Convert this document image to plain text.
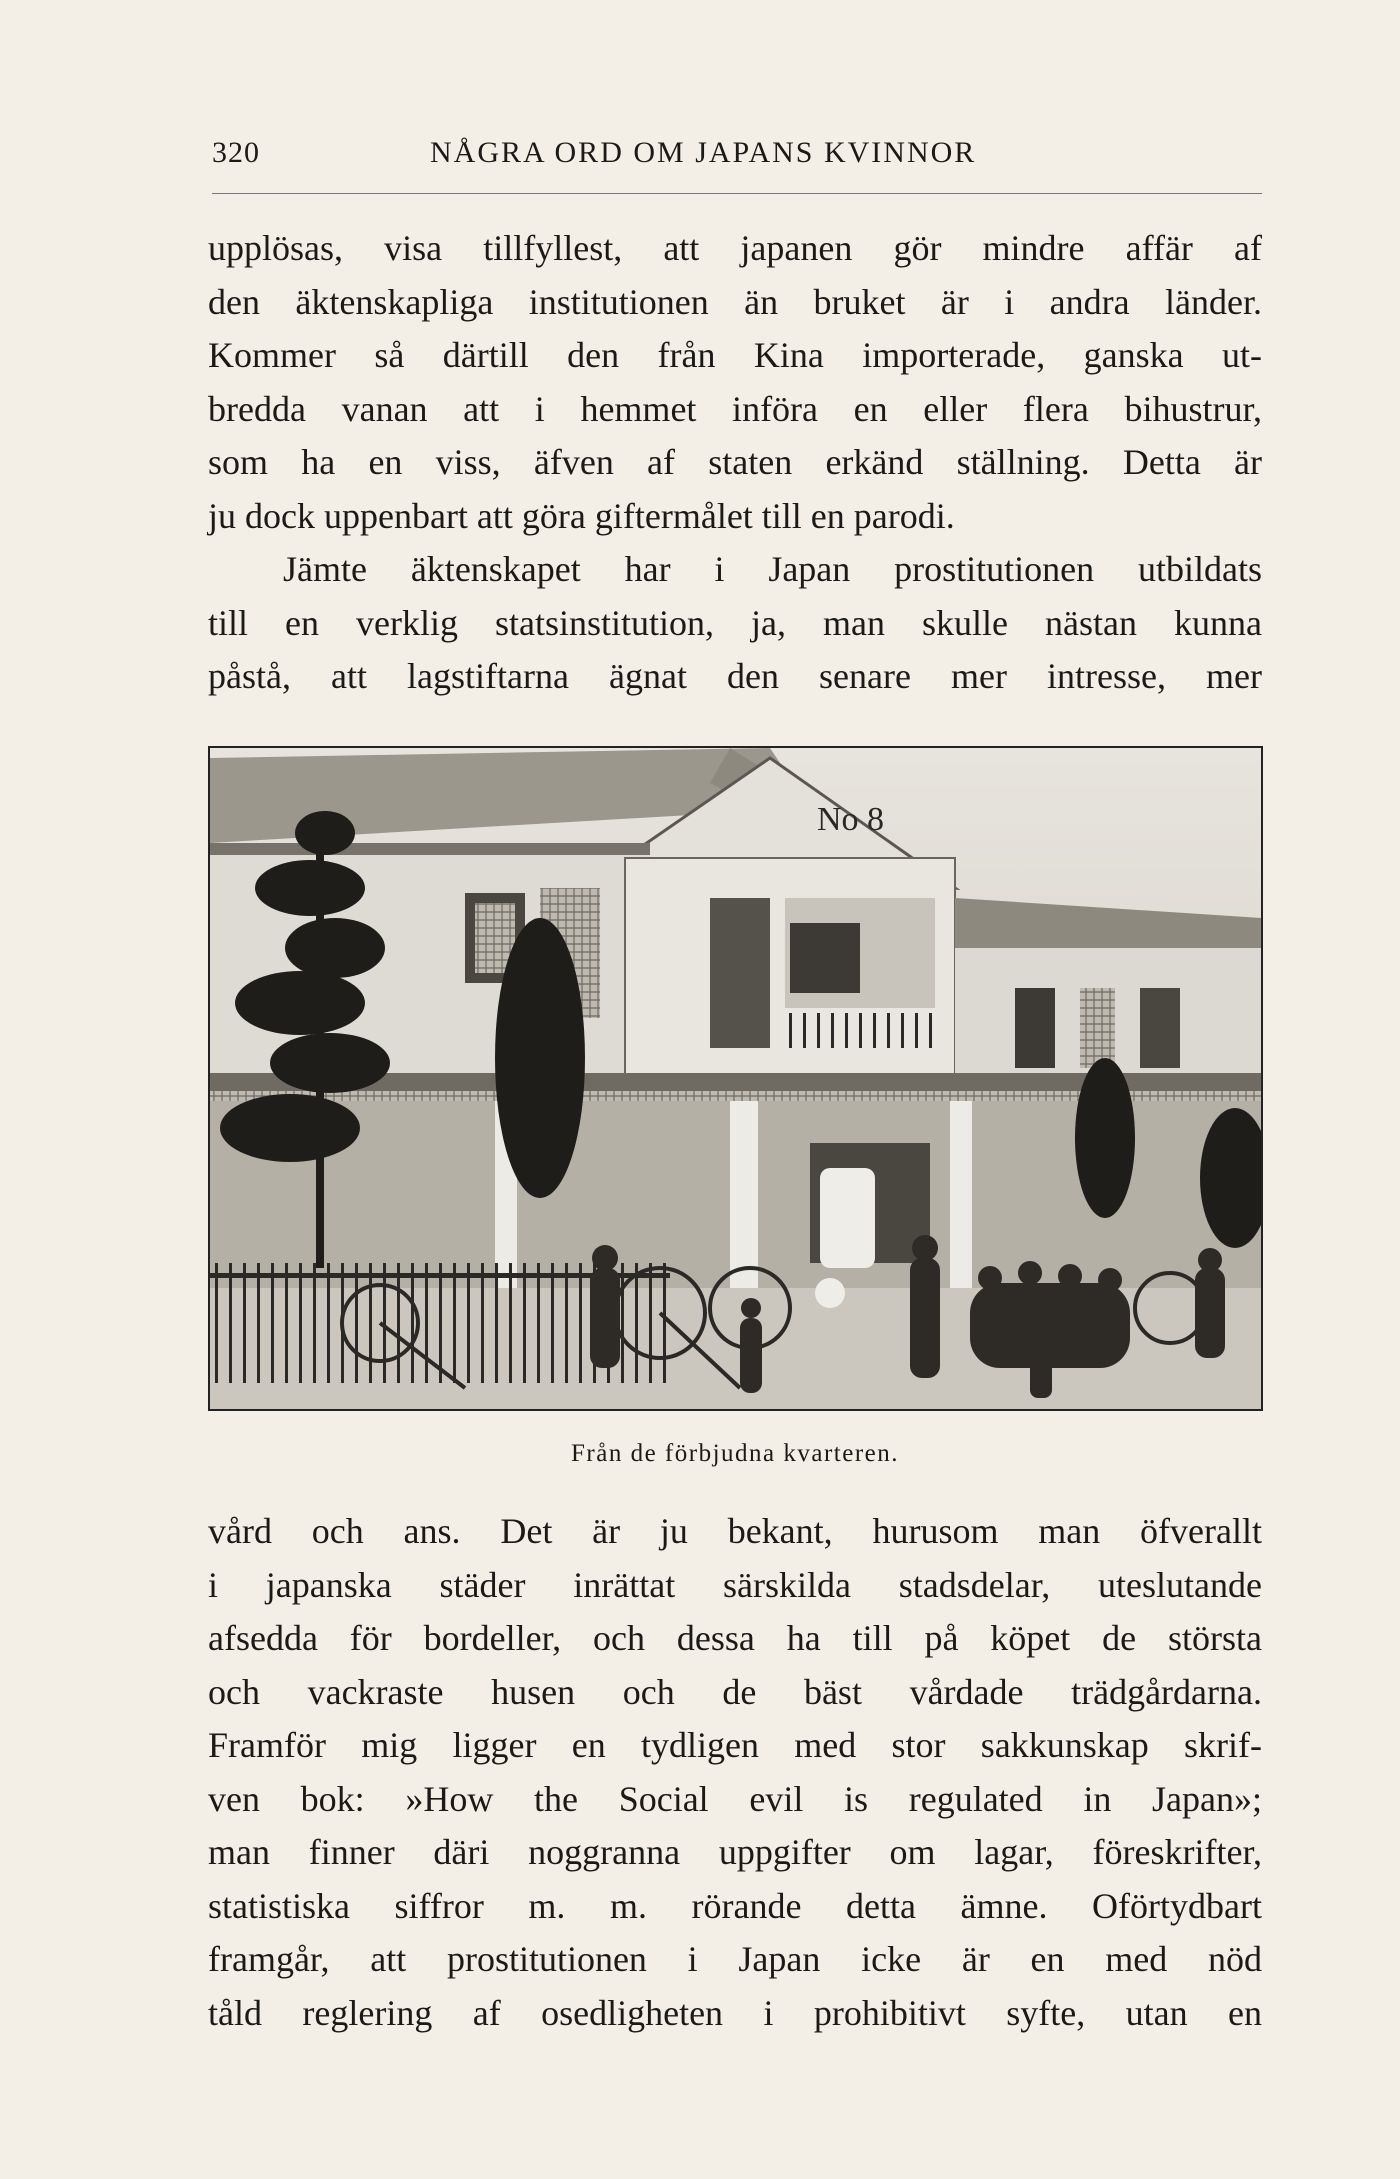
320	NÅGRA ORD OM JAPANS KVINNOR
upplösas, visa tillfyllest, att japanen gör mindre affär af
den äktenskapliga institutionen än bruket är i andra länder.
Kommer så därtill den från Kina importerade, ganska ut-
bredda vanan att i hemmet införa en eller flera bihustrur,
som ha en viss, äfven af staten erkänd ställning. Detta är
ju dock uppenbart att göra giftermålet till en parodi.
Jämte äktenskapet har i Japan prostitutionen utbildats
till en verklig statsinstitution, ja, man skulle nästan kunna
påstå, att lagstiftarna ägnat den senare mer intresse, mer
No 8
Från de förbjudna kvarteren.
vård och ans. Det är ju bekant, hurusom man öfverallt
i japanska städer inrättat särskilda stadsdelar, uteslutande
afsedda för bordeller, och dessa ha till på köpet de största
och vackraste husen och de bäst vårdade trädgårdarna.
Framför mig ligger en tydligen med stor sakkunskap skrif-
ven bok: »How the Social evil is regulated in Japan»;
man finner däri noggranna uppgifter om lagar, föreskrifter,
statistiska siffror m. m. rörande detta ämne. Oförtydbart
framgår, att prostitutionen i Japan icke är en med nöd
tåld reglering af osedligheten i prohibitivt syfte, utan en
